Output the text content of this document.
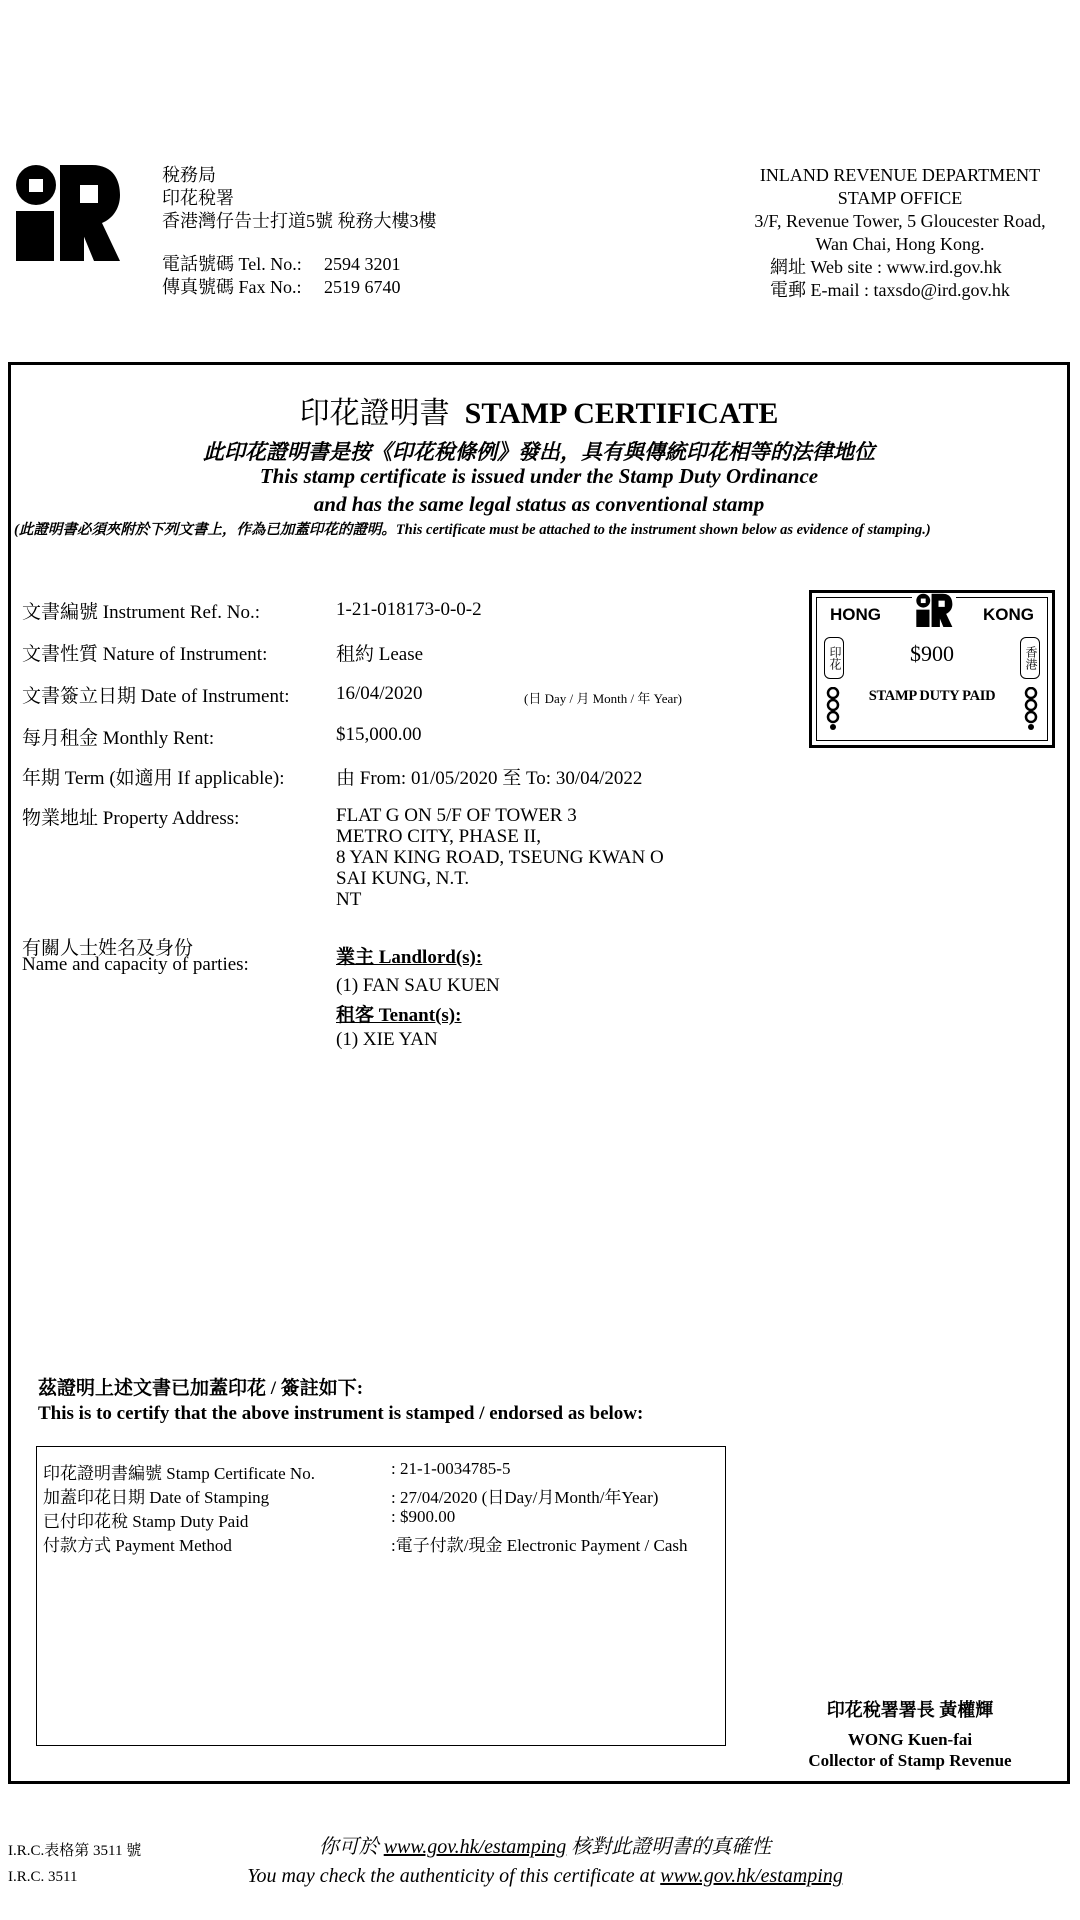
稅務局
印花稅署
香港灣仔告士打道5號 稅務大樓3樓
電話號碼 Tel. No.:	2594 3201
傳真號碼 Fax No.:	2519 6740
INLAND REVENUE DEPARTMENT
STAMP OFFICE
3/F, Revenue Tower, 5 Gloucester Road,
Wan Chai, Hong Kong.
網址 Web site : www.ird.gov.hk
電郵 E-mail : taxsdo@ird.gov.hk
印花證明書 STAMP CERTIFICATE
此印花證明書是按《印花稅條例》發出，具有與傳統印花相等的法律地位
This stamp certificate is issued under the Stamp Duty Ordinance
and has the same legal status as conventional stamp
(此證明書必須夾附於下列文書上，作為已加蓋印花的證明。This certificate must be attached to the instrument shown below as evidence of stamping.)
文書編號 Instrument Ref. No.:	1-21-018173-0-0-2
文書性質 Nature of Instrument:	租約 Lease
文書簽立日期 Date of Instrument: 16/04/2020	(日 Day / 月 Month / 年 Year)
每月租金 Monthly Rent:	$15,000.00
年期 Term (如適用 If applicable):	由 From: 01/05/2020 至 To: 30/04/2022
物業地址 Property Address:	FLAT G ON 5/F OF TOWER 3
METRO CITY, PHASE II,
8 YAN KING ROAD, TSEUNG KWAN O
SAI KUNG, N.T.
NT
有關人士姓名及身份
Name and capacity of parties:	業主 Landlord(s):
(1) FAN SAU KUEN
租客 Tenant(s):
(1) XIE YAN
HONG	KONG
印花	香港
$900
STAMP DUTY PAID
茲證明上述文書已加蓋印花 / 簽註如下:
This is to certify that the above instrument is stamped / endorsed as below:
印花證明書編號 Stamp Certificate No.	: 21-1-0034785-5
加蓋印花日期 Date of Stamping	: 27/04/2020 (日Day/月Month/年Year)
已付印花稅 Stamp Duty Paid	: $900.00
付款方式 Payment Method	:電子付款/現金 Electronic Payment / Cash
印花稅署署長 黃權輝
WONG Kuen-fai
Collector of Stamp Revenue
I.R.C.表格第 3511 號
I.R.C. 3511
你可於 www.gov.hk/estamping 核對此證明書的真確性
You may check the authenticity of this certificate at www.gov.hk/estamping
